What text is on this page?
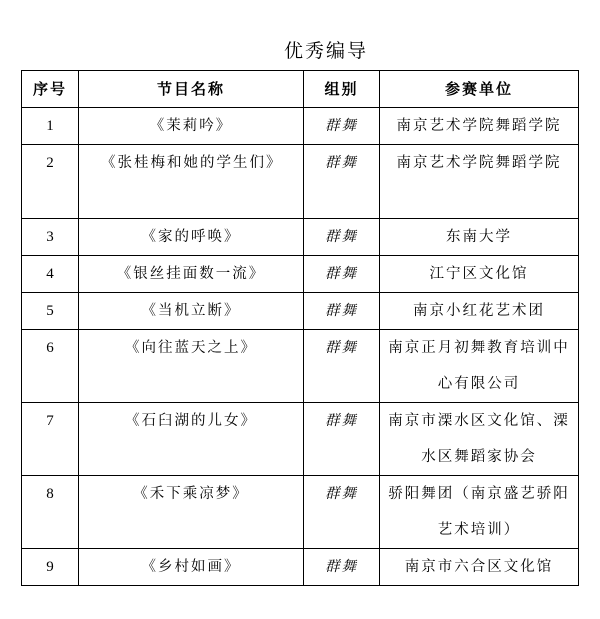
优秀编导
序号	节目名称	组别	参赛单位
1	《茉莉吟》	群舞	南京艺术学院舞蹈学院
2	《张桂梅和她的学生们》	群舞	南京艺术学院舞蹈学院
3	《家的呼唤》	群舞	东南大学
4	《银丝挂面数一流》	群舞	江宁区文化馆
5	《当机立断》	群舞	南京小红花艺术团
6	《向往蓝天之上》	群舞	南京正月初舞教育培训中心有限公司

7	《石臼湖的儿女》	群舞	南京市溧水区文化馆、溧水区舞蹈家协会

8	《禾下乘凉梦》	群舞	骄阳舞团（南京盛艺骄阳艺术培训）

9	《乡村如画》	群舞	南京市六合区文化馆
